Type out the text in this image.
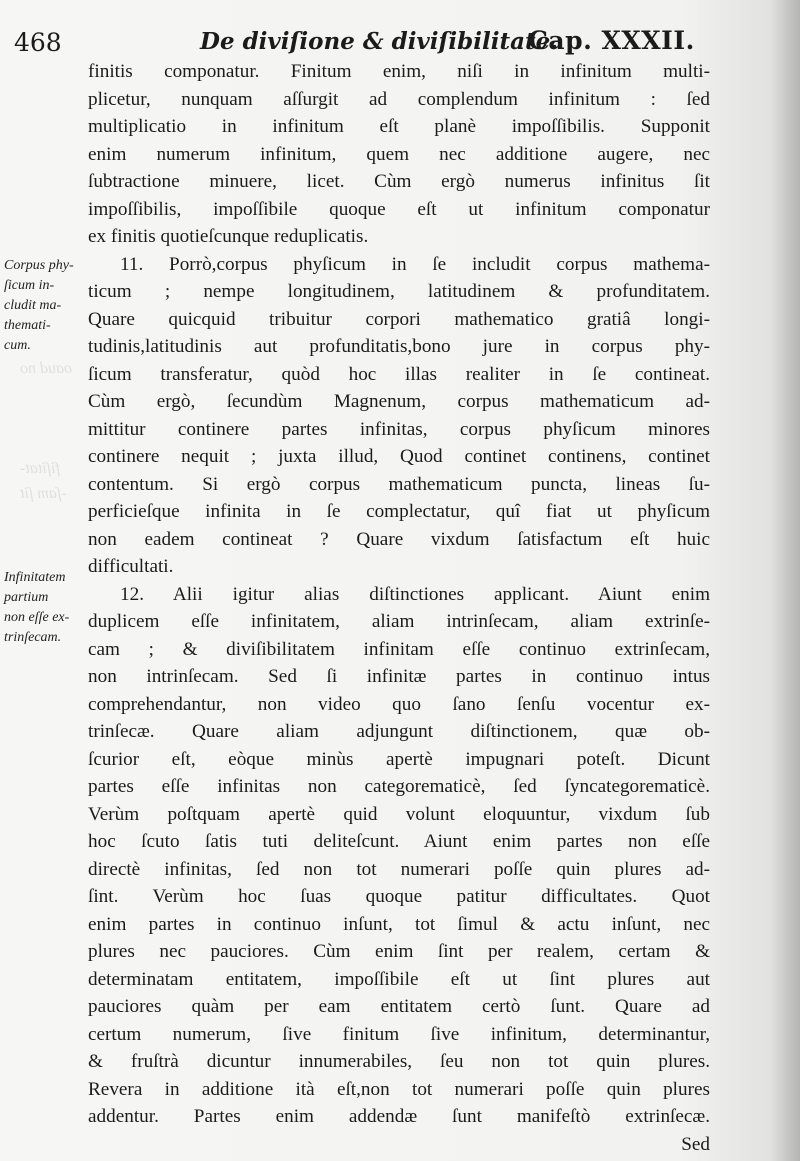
468	De diviſione & diviſibilitate.
Cap. XXXII.
Corpus phy-
ſicum in-
cludit ma-
themati-
cum.
Infinitatem
partium
non eſſe ex-
trinſecam.
finitis componatur. Finitum enim, niſi in infinitum multi-
plicetur, nunquam aſſurgit ad complendum infinitum : ſed
multiplicatio in infinitum eſt planè impoſſibilis. Supponit
enim numerum infinitum, quem nec additione augere, nec
ſubtractione minuere, licet. Cùm ergò numerus infinitus ſit
impoſſibilis, impoſſibile quoque eſt ut infinitum componatur
ex finitis quotieſcunque reduplicatis.
11. Porrò,corpus phyſicum in ſe includit corpus mathema-
ticum ; nempe longitudinem, latitudinem & profunditatem.
Quare quicquid tribuitur corpori mathematico gratiâ longi-
tudinis,latitudinis aut profunditatis,bono jure in corpus phy-
ſicum transferatur, quòd hoc illas realiter in ſe contineat.
Cùm ergò, ſecundùm Magnenum, corpus mathematicum ad-
mittitur continere partes infinitas, corpus phyſicum minores
continere nequit ; juxta illud, Quod continet continens, continet
contentum. Si ergò corpus mathematicum puncta, lineas ſu-
perficieſque infinita in ſe complectatur, quî fiat ut phyſicum
non eadem contineat ? Quare vixdum ſatisfactum eſt huic
difficultati.
12. Alii igitur alias diſtinctiones applicant. Aiunt enim
duplicem eſſe infinitatem, aliam intrinſecam, aliam extrinſe-
cam ; & diviſibilitatem infinitam eſſe continuo extrinſecam,
non intrinſecam. Sed ſi infinitæ partes in continuo intus
comprehendantur, non video quo ſano ſenſu vocentur ex-
trinſecæ. Quare aliam adjungunt diſtinctionem, quæ ob-
ſcurior eſt, eòque minùs apertè impugnari poteſt. Dicunt
partes eſſe infinitas non categorematicè, ſed ſyncategorematicè.
Verùm poſtquam apertè quid volunt eloquuntur, vixdum ſub
hoc ſcuto ſatis tuti deliteſcunt. Aiunt enim partes non eſſe
directè infinitas, ſed non tot numerari poſſe quin plures ad-
ſint. Verùm hoc ſuas quoque patitur difficultates. Quot
enim partes in continuo inſunt, tot ſimul & actu inſunt, nec
plures nec pauciores. Cùm enim ſint per realem, certam &
determinatam entitatem, impoſſibile eſt ut ſint plures aut
pauciores quàm per eam entitatem certò ſunt. Quare ad
certum numerum, ſive finitum ſive infinitum, determinantur,
& fruſtrà dicuntur innumerabiles, ſeu non tot quin plures.
Revera in additione ità eſt,non tot numerari poſſe quin plures
addentur. Partes enim addendæ ſunt manifeſtò extrinſecæ.
Sed
fiſitat-
-ſam ſit
oaud no
